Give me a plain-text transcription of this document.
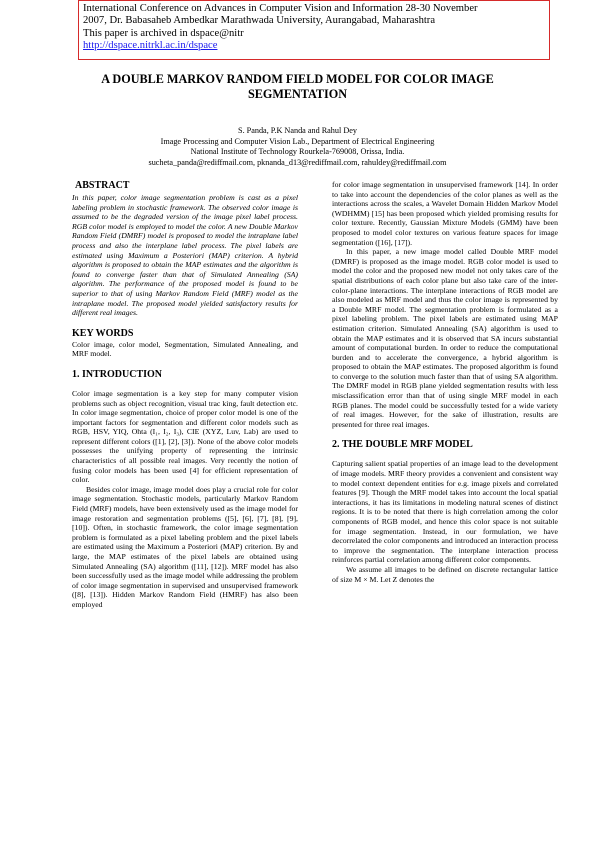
International Conference on Advances in Computer Vision and Information 28-30 November
2007, Dr. Babasaheb Ambedkar Marathwada University, Aurangabad, Maharashtra
This paper is archived in dspace@nitr
http://dspace.nitrkl.ac.in/dspace
A DOUBLE MARKOV RANDOM FIELD MODEL FOR COLOR IMAGE SEGMENTATION
S. Panda, P.K Nanda and Rahul Dey
Image Processing and Computer Vision Lab., Department of Electrical Engineering
National Institute of Technology Rourkela-769008, Orissa, India.
sucheta_panda@rediffmail.com, pknanda_d13@rediffmail.com, rahuldey@rediffmail.com
ABSTRACT

In this paper, color image segmentation problem is cast as a pixel labeling problem in stochastic framework. The observed color image is assumed to be the degraded version of the image pixel label process. RGB color model is employed to model the color. A new Double Markov Random Field (DMRF) model is proposed to model the intraplane label process and also the interplane label process. The pixel labels are estimated using Maximum a Posteriori (MAP) criterion. A hybrid algorithm is proposed to obtain the MAP estimates and the algorithm is found to converge faster than that of Simulated Annealing (SA) algorithm. The performance of the proposed model is found to be superior to that of using Markov Random Field (MRF) model as the intraplane model. The proposed model yielded satisfactory results for different real images.

KEY WORDS

Color image, color model, Segmentation, Simulated Annealing, and MRF model.

1. INTRODUCTION

Color image segmentation is a key step for many computer vision problems such as object recognition, visual trac king, fault detection etc. In color image segmentation, choice of proper color model is one of the important factors for segmentation and different color models such as RGB, HSV, YIQ, Ohta (I₁, I₂, I₃), CIE (XYZ, Luv, Lab) are used to represent different colors ([1], [2], [3]). None of the above color models possesses the unifying property of representing the intrinsic characteristics of all possible real images. Very recently the notion of fusing color models has been used [4] for efficient representation of color.

Besides color image, image model does play a crucial role for color image segmentation. Stochastic models, particularly Markov Random Field (MRF) models, have been extensively used as the image model for image restoration and segmentation problems ([5], [6], [7], [8], [9], [10]). Often, in stochastic framework, the color image segmentation problem is formulated as a pixel labeling problem and the pixel labels are estimated using the Maximum a Posteriori (MAP) criterion. By and large, the MAP estimates of the pixel labels are obtained using Simulated Annealing (SA) algorithm ([11], [12]). MRF model has also been successfully used as the image model while addressing the problem of color image segmentation in supervised and unsupervised framework ([8], [13]). Hidden Markov Random Field (HMRF) has also been employed

for color image segmentation in unsupervised framework [14]. In order to take into account the dependencies of the color planes as well as the interactions across the scales, a Wavelet Domain Hidden Markov Model (WDHMM) [15] has been proposed which yielded promising results for color texture. Recently, Gaussian Mixture Models (GMM) have been proposed to model color textures on various feature spaces for image segmentation ([16], [17]).

In this paper, a new image model called Double MRF model (DMRF) is proposed as the image model. RGB color model is used to model the color and the proposed new model not only takes care of the spatial distributions of each color plane but also take care of the inter-color-plane interactions. The interplane interactions of RGB model are also modeled as MRF model and thus the color image is represented by a Double MRF model. The segmentation problem is formulated as a pixel labeling problem. The pixel labels are estimated using MAP estimation criterion. Simulated Annealing (SA) algorithm is used to obtain the MAP estimates and it is observed that SA incurs substantial amount of computational burden. In order to reduce the computational burden and to accelerate the convergence, a hybrid algorithm is proposed to obtain the MAP estimates. The proposed algorithm is found to converge to the solution much faster than that of using SA algorithm. The DMRF model in RGB plane yielded segmentation results with less misclassification error than that of using single MRF model in each RGB planes. The model could be successfully tested for a wide variety of real images. However, for the sake of illustration, results are presented for three real images.

2. THE DOUBLE MRF MODEL

Capturing salient spatial properties of an image lead to the development of image models. MRF theory provides a convenient and consistent way to model context dependent entities for e.g. image pixels and correlated features [9]. Though the MRF model takes into account the local spatial interactions, it has its limitations in modeling natural scenes of distinct regions. It is to be noted that there is high correlation among the color components of RGB model, and hence this color space is not suitable for image segmentation. Instead, in our formulation, we have decorrelated the color components and introduced an interaction process to improve the segmentation. The interplane interaction process reinforces partial correlation among different color components.

We assume all images to be defined on discrete rectangular lattice of size M × M. Let Z denotes the
